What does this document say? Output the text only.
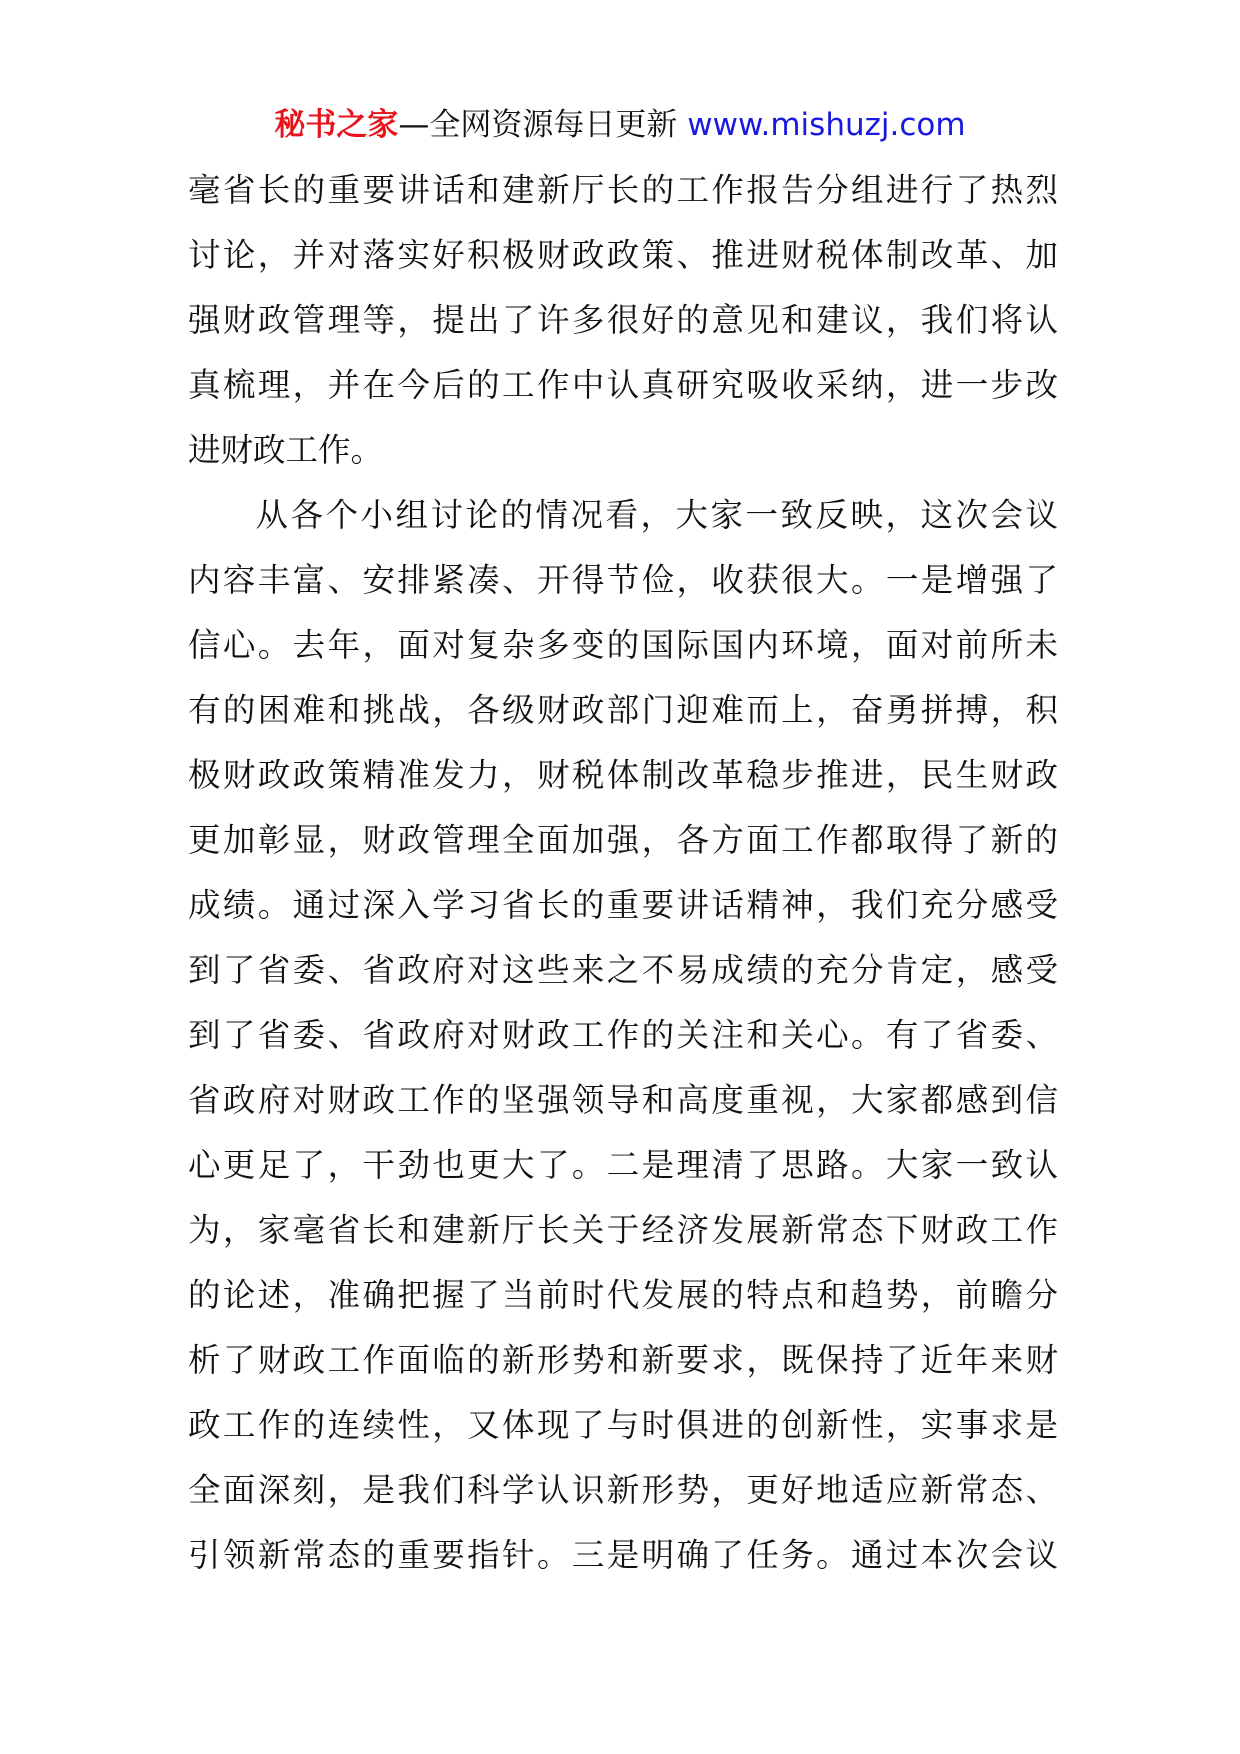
秘书之家—全网资源每日更新 www.mishuzj.com
毫省长的重要讲话和建新厅长的工作报告分组进行了热烈
讨论，并对落实好积极财政政策、推进财税体制改革、加
强财政管理等，提出了许多很好的意见和建议，我们将认
真梳理，并在今后的工作中认真研究吸收采纳，进一步改
进财政工作。
从各个小组讨论的情况看，大家一致反映，这次会议
内容丰富、安排紧凑、开得节俭，收获很大。一是增强了
信心。去年，面对复杂多变的国际国内环境，面对前所未
有的困难和挑战，各级财政部门迎难而上，奋勇拼搏，积
极财政政策精准发力，财税体制改革稳步推进，民生财政
更加彰显，财政管理全面加强，各方面工作都取得了新的
成绩。通过深入学习省长的重要讲话精神，我们充分感受
到了省委、省政府对这些来之不易成绩的充分肯定，感受
到了省委、省政府对财政工作的关注和关心。有了省委、
省政府对财政工作的坚强领导和高度重视，大家都感到信
心更足了，干劲也更大了。二是理清了思路。大家一致认
为，家毫省长和建新厅长关于经济发展新常态下财政工作
的论述，准确把握了当前时代发展的特点和趋势，前瞻分
析了财政工作面临的新形势和新要求，既保持了近年来财
政工作的连续性，又体现了与时俱进的创新性，实事求是
全面深刻，是我们科学认识新形势，更好地适应新常态、
引领新常态的重要指针。三是明确了任务。通过本次会议
